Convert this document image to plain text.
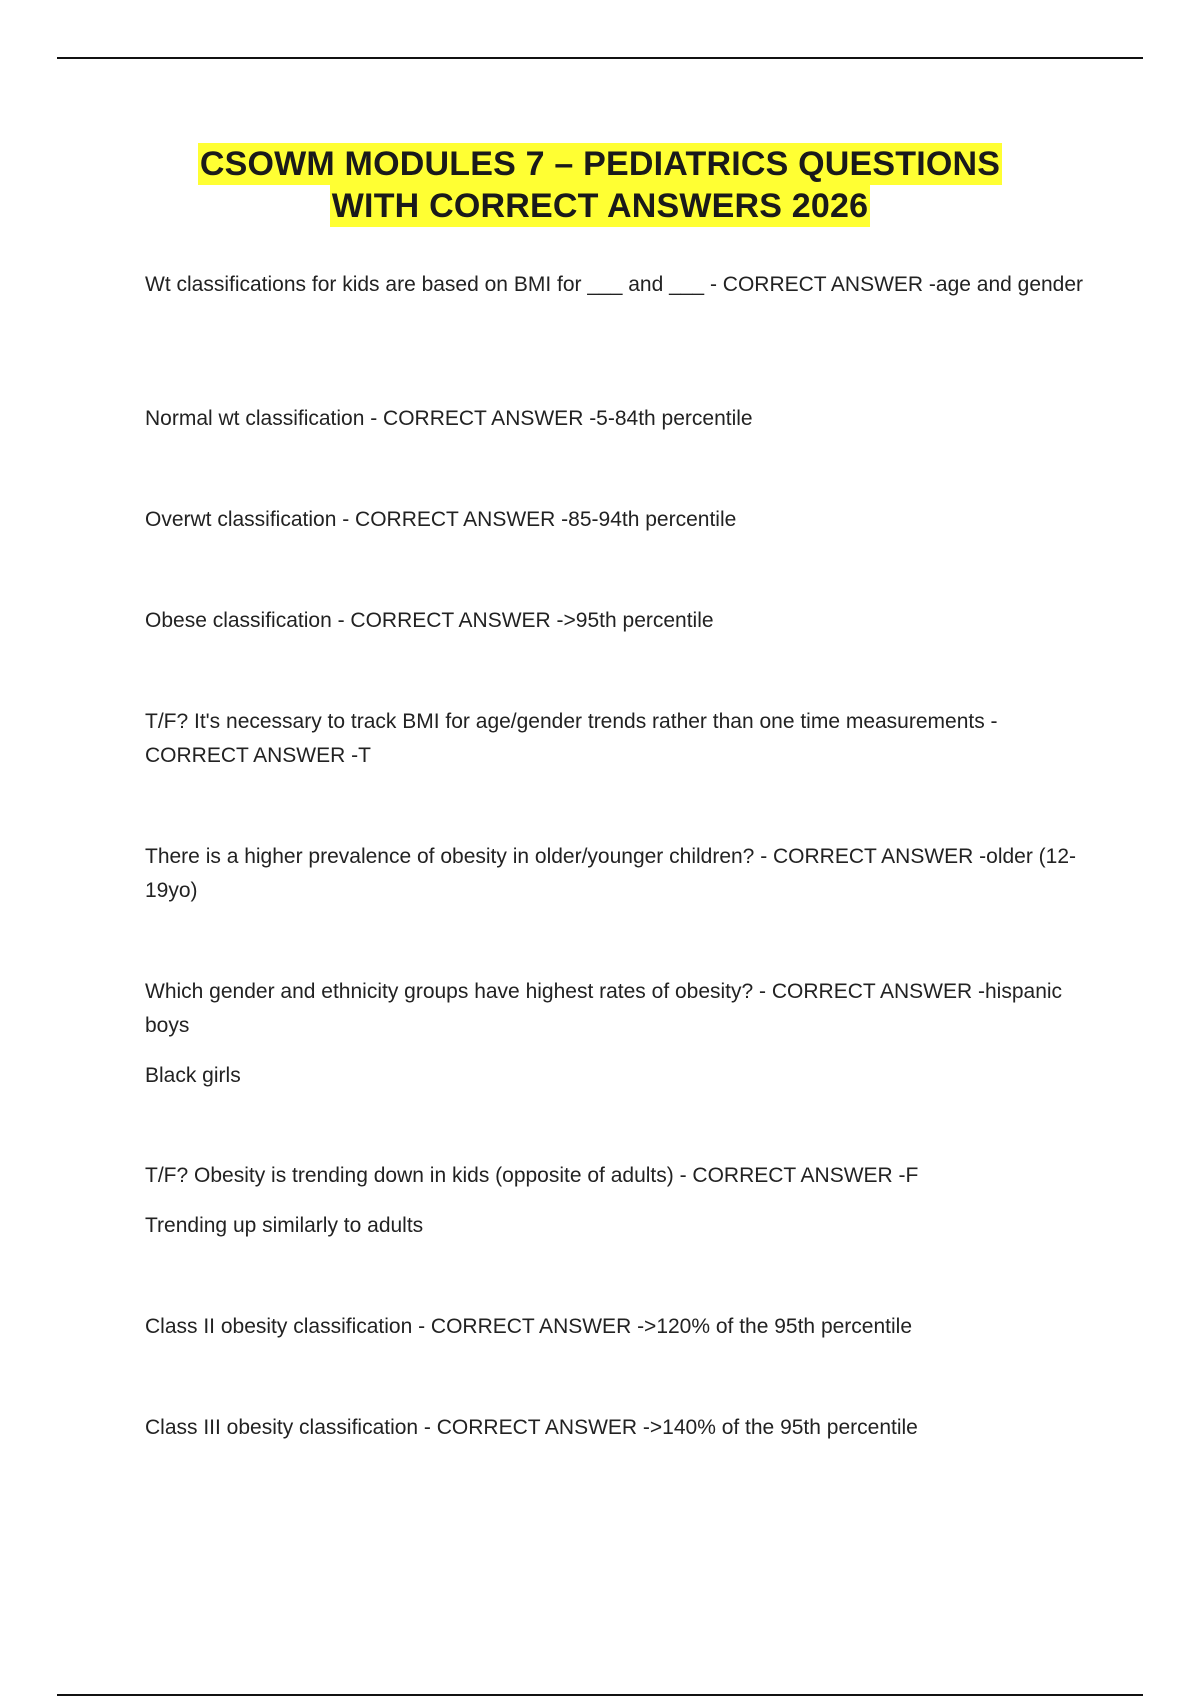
CSOWM MODULES 7 – PEDIATRICS QUESTIONS
WITH CORRECT ANSWERS 2026

Wt classifications for kids are based on BMI for ___ and ___ - CORRECT ANSWER -age and gender

Normal wt classification - CORRECT ANSWER -5-84th percentile

Overwt classification - CORRECT ANSWER -85-94th percentile

Obese classification - CORRECT ANSWER ->95th percentile

T/F? It's necessary to track BMI for age/gender trends rather than one time measurements - CORRECT ANSWER -T

There is a higher prevalence of obesity in older/younger children? - CORRECT ANSWER -older (12-19yo)

Which gender and ethnicity groups have highest rates of obesity? - CORRECT ANSWER -hispanic boys

Black girls

T/F? Obesity is trending down in kids (opposite of adults) - CORRECT ANSWER -F

Trending up similarly to adults

Class II obesity classification - CORRECT ANSWER ->120% of the 95th percentile

Class III obesity classification - CORRECT ANSWER ->140% of the 95th percentile
